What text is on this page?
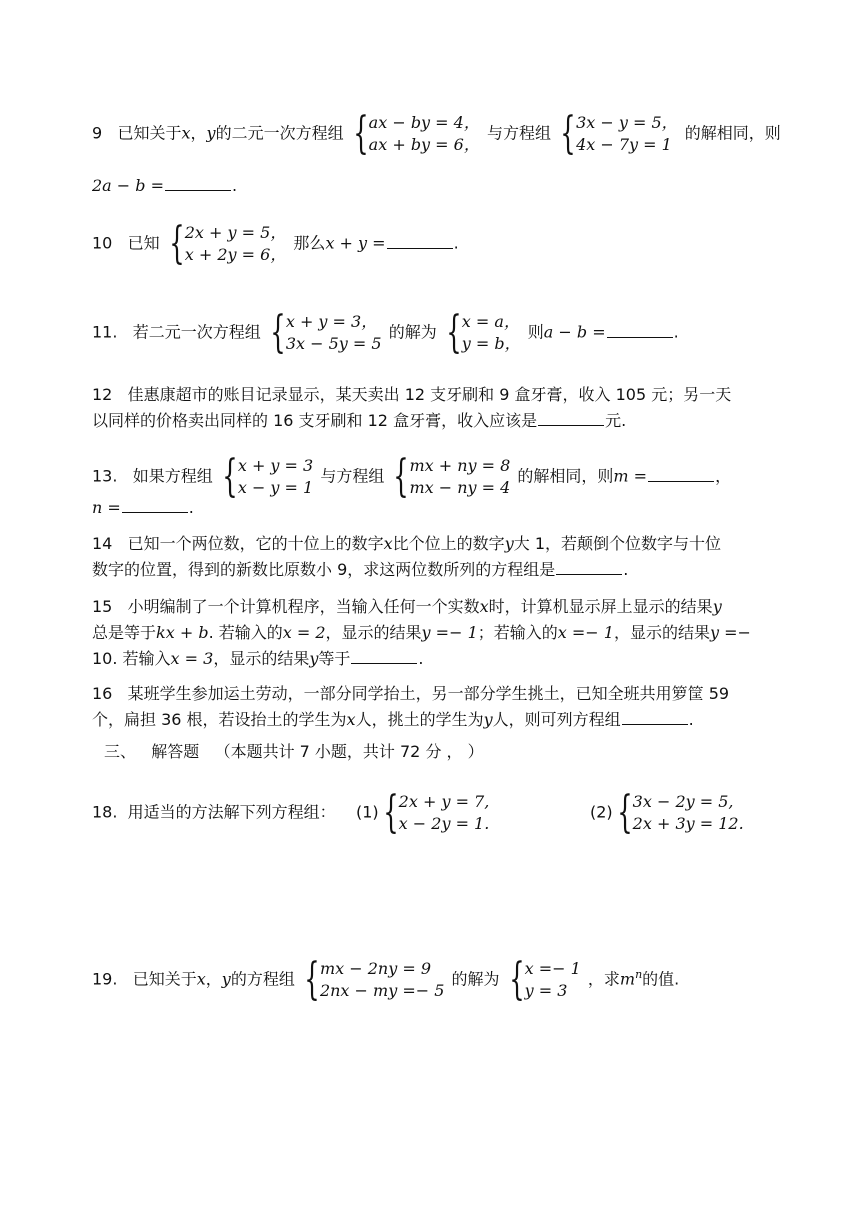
9 已知关于x，y的二元一次方程组 { ax − by = 4，
ax + by = 6，
与方程组 { 3x − y = 5，
4x − 7y = 1
的解相同，则
2a − b =	.
10 已知 { 2x + y = 5，
x + 2y = 6，
那么x + y =	.
11. 若二元一次方程组 { x + y = 3，
3x − 5y = 5
的解为 { x = a，
y = b，
则a − b =	.
12 佳惠康超市的账目记录显示，某天卖出 12 支牙刷和 9 盒牙膏，收入 105 元；另一天
以同样的价格卖出同样的 16 支牙刷和 12 盒牙膏，收入应该是	元.
13. 如果方程组 { x + y = 3
x − y = 1
与方程组 { mx + ny = 8
mx − ny = 4
的解相同，则m =	，
n =	.
14 已知一个两位数，它的十位上的数字x比个位上的数字y大 1，若颠倒个位数字与十位
数字的位置，得到的新数比原数小 9，求这两位数所列的方程组是	.
15 小明编制了一个计算机程序，当输入任何一个实数x时，计算机显示屏上显示的结果y
总是等于kx + b. 若输入的x = 2，显示的结果y =− 1；若输入的x =− 1，显示的结果y =−
10. 若输入x = 3，显示的结果y等于	.
16 某班学生参加运土劳动，一部分同学抬土，另一部分学生挑土，已知全班共用箩筐 59
个，扁担 36 根，若设抬土的学生为x人，挑土的学生为y人，则可列方程组	.
三、 解答题 （本题共计 7 小题，共计 72 分 ， ）
18. 用适当的方法解下列方程组： (1) { 2x + y = 7,
x − 2y = 1.
(2) { 3x − 2y = 5,
2x + 3y = 12.
19. 已知关于x，y的方程组 { mx − 2ny = 9
2nx − my =− 5
的解为 { x =− 1
y = 3
，求$m^n$的值.
